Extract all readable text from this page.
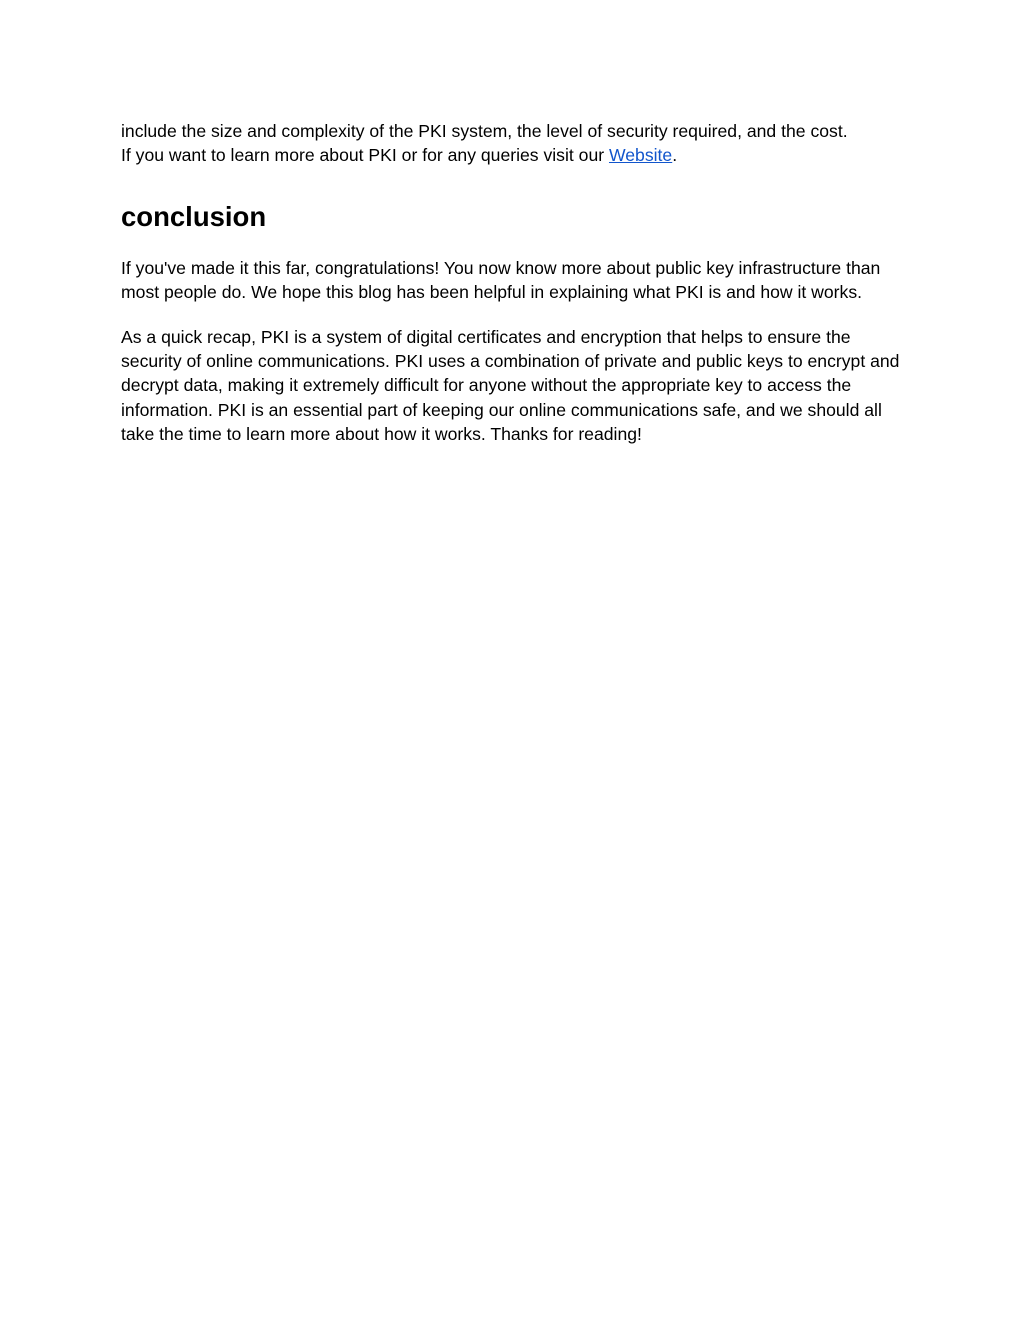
include the size and complexity of the PKI system, the level of security required, and the cost.
If you want to learn more about PKI or for any queries visit our Website.

conclusion

If you've made it this far, congratulations! You now know more about public key infrastructure than most people do. We hope this blog has been helpful in explaining what PKI is and how it works.

As a quick recap, PKI is a system of digital certificates and encryption that helps to ensure the security of online communications. PKI uses a combination of private and public keys to encrypt and decrypt data, making it extremely difficult for anyone without the appropriate key to access the information. PKI is an essential part of keeping our online communications safe, and we should all take the time to learn more about how it works. Thanks for reading!
